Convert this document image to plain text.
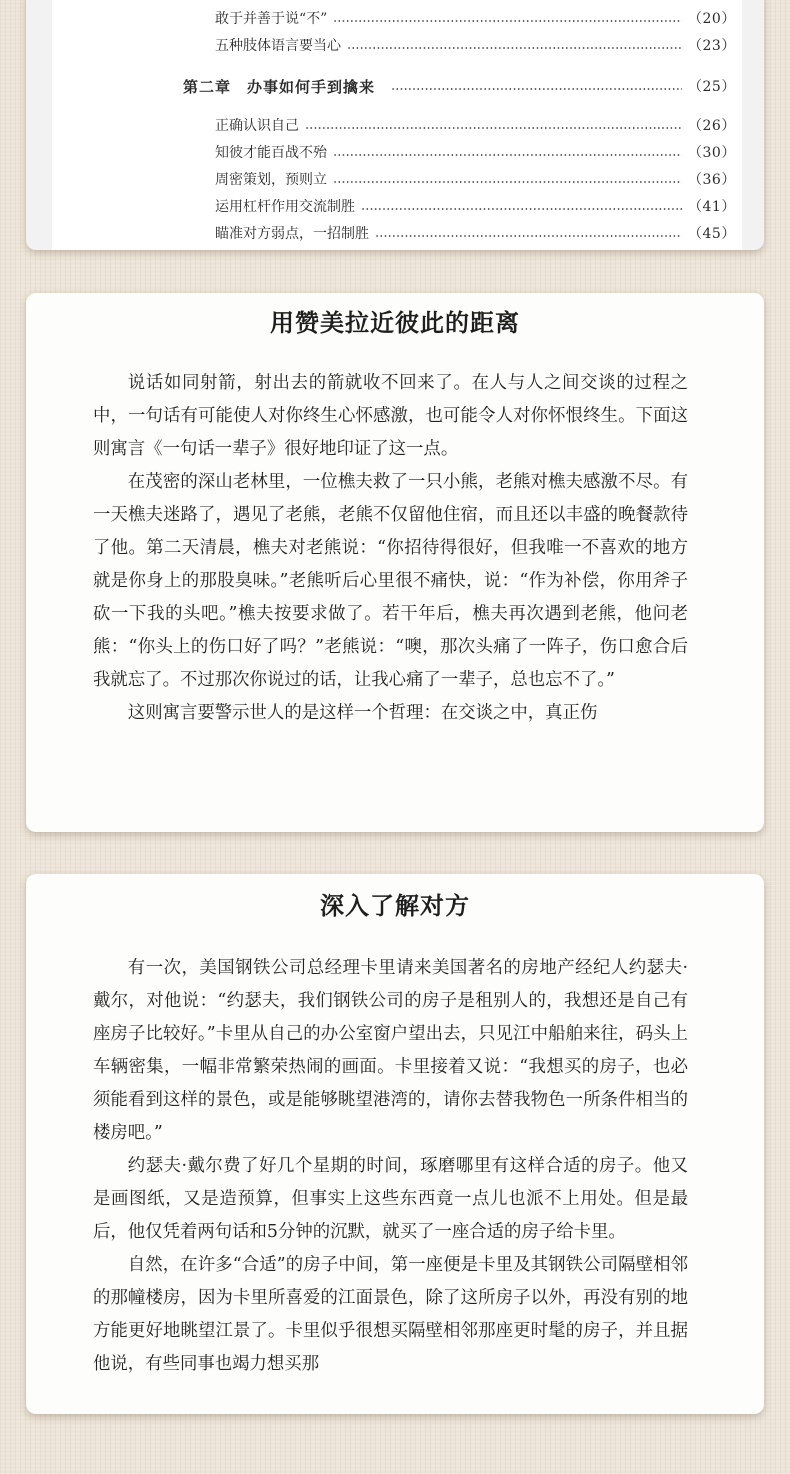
敢于并善于说“不”	（20）
五种肢体语言要当心	（23）
第二章　办事如何手到擒来	（25）
正确认识自己	（26）
知彼才能百战不殆	（30）
周密策划，预则立	（36）
运用杠杆作用交流制胜	（41）
瞄准对方弱点，一招制胜	（45）
用赞美拉近彼此的距离

说话如同射箭，射出去的箭就收不回来了。在人与人之间交谈的过程之中，一句话有可能使人对你终生心怀感激，也可能令人对你怀恨终生。下面这则寓言《一句话一辈子》很好地印证了这一点。

在茂密的深山老林里，一位樵夫救了一只小熊，老熊对樵夫感激不尽。有一天樵夫迷路了，遇见了老熊，老熊不仅留他住宿，而且还以丰盛的晚餐款待了他。第二天清晨，樵夫对老熊说：“你招待得很好，但我唯一不喜欢的地方就是你身上的那股臭味。”老熊听后心里很不痛快，说：“作为补偿，你用斧子砍一下我的头吧。”樵夫按要求做了。若干年后，樵夫再次遇到老熊，他问老熊：“你头上的伤口好了吗？”老熊说：“噢，那次头痛了一阵子，伤口愈合后我就忘了。不过那次你说过的话，让我心痛了一辈子，总也忘不了。”

这则寓言要警示世人的是这样一个哲理：在交谈之中，真正伤

深入了解对方

有一次，美国钢铁公司总经理卡里请来美国著名的房地产经纪人约瑟夫·戴尔，对他说：“约瑟夫，我们钢铁公司的房子是租别人的，我想还是自己有座房子比较好。”卡里从自己的办公室窗户望出去，只见江中船舶来往，码头上车辆密集，一幅非常繁荣热闹的画面。卡里接着又说：“我想买的房子，也必须能看到这样的景色，或是能够眺望港湾的，请你去替我物色一所条件相当的楼房吧。”

约瑟夫·戴尔费了好几个星期的时间，琢磨哪里有这样合适的房子。他又是画图纸，又是造预算，但事实上这些东西竟一点儿也派不上用处。但是最后，他仅凭着两句话和5分钟的沉默，就买了一座合适的房子给卡里。

自然，在许多“合适”的房子中间，第一座便是卡里及其钢铁公司隔壁相邻的那幢楼房，因为卡里所喜爱的江面景色，除了这所房子以外，再没有别的地方能更好地眺望江景了。卡里似乎很想买隔壁相邻那座更时髦的房子，并且据他说，有些同事也竭力想买那
